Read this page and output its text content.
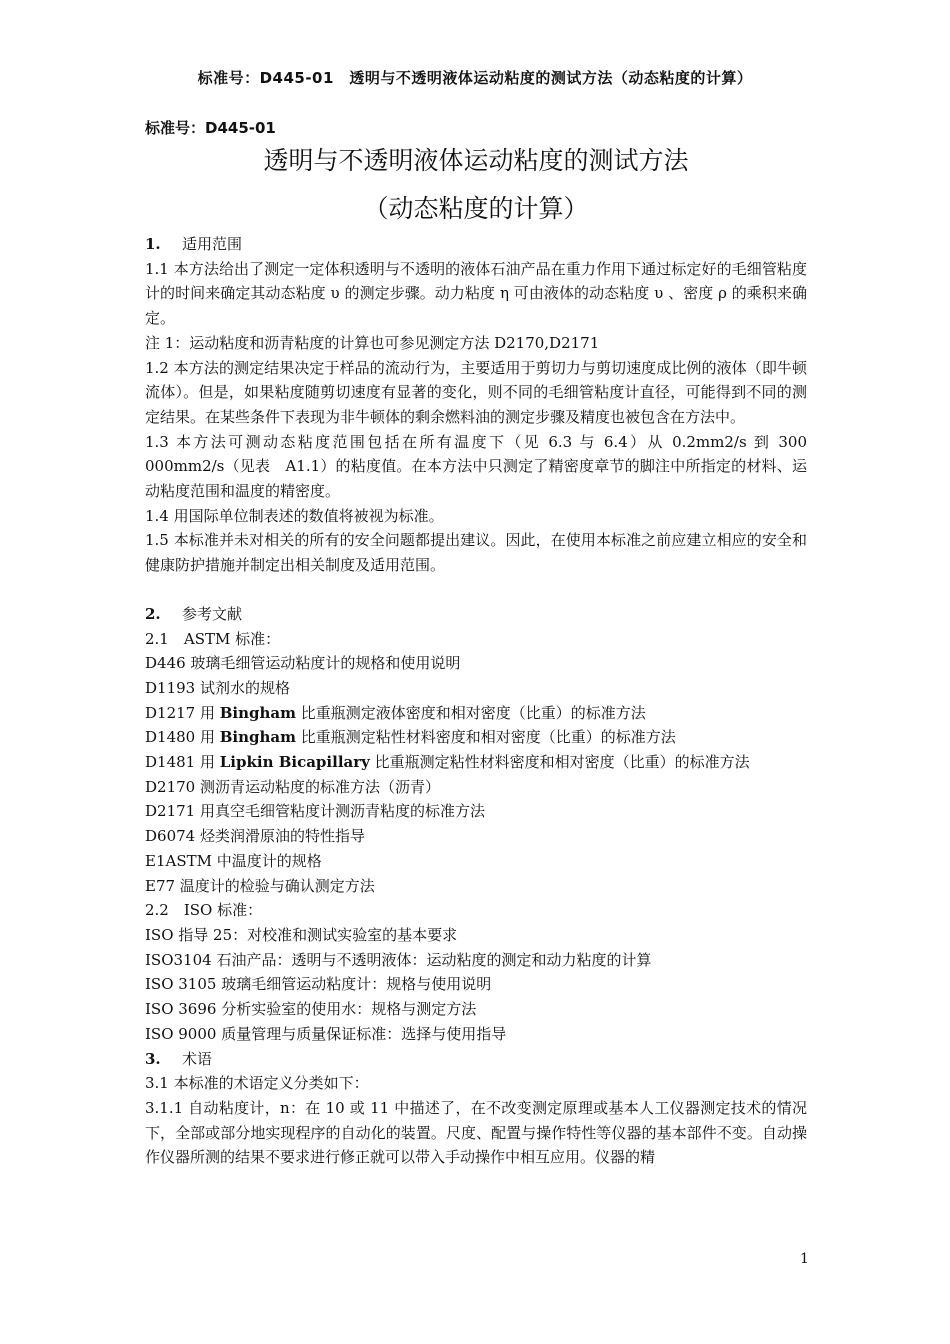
标准号：D445-01　透明与不透明液体运动粘度的测试方法（动态粘度的计算）
标准号：D445-01
透明与不透明液体运动粘度的测试方法
（动态粘度的计算）
1. 适用范围

1.1 本方法给出了测定一定体积透明与不透明的液体石油产品在重力作用下通过标定好的毛细管粘度计的时间来确定其动态粘度 υ 的测定步骤。动力粘度 η 可由液体的动态粘度 υ 、密度 ρ 的乘积来确定。

注 1：运动粘度和沥青粘度的计算也可参见测定方法 D2170,D2171

1.2 本方法的测定结果决定于样品的流动行为，主要适用于剪切力与剪切速度成比例的液体（即牛顿流体）。但是，如果粘度随剪切速度有显著的变化，则不同的毛细管粘度计直径，可能得到不同的测定结果。在某些条件下表现为非牛顿体的剩余燃料油的测定步骤及精度也被包含在方法中。

1.3 本方法可测动态粘度范围包括在所有温度下（见 6.3 与 6.4）从 0.2mm2/s 到 300 000mm2/s（见表　A1.1）的粘度值。在本方法中只测定了精密度章节的脚注中所指定的材料、运动粘度范围和温度的精密度。

1.4 用国际单位制表述的数值将被视为标准。

1.5 本标准并未对相关的所有的安全问题都提出建议。因此，在使用本标准之前应建立相应的安全和健康防护措施并制定出相关制度及适用范围。

2. 参考文献

2.1　ASTM 标准：

D446 玻璃毛细管运动粘度计的规格和使用说明

D1193 试剂水的规格

D1217 用 Bingham 比重瓶测定液体密度和相对密度（比重）的标准方法

D1480 用 Bingham 比重瓶测定粘性材料密度和相对密度（比重）的标准方法

D1481 用 Lipkin Bicapillary 比重瓶测定粘性材料密度和相对密度（比重）的标准方法

D2170 测沥青运动粘度的标准方法（沥青）

D2171 用真空毛细管粘度计测沥青粘度的标准方法

D6074 烃类润滑原油的特性指导

E1ASTM 中温度计的规格

E77 温度计的检验与确认测定方法

2.2　ISO 标准：

ISO 指导 25：对校准和测试实验室的基本要求

ISO3104 石油产品：透明与不透明液体：运动粘度的测定和动力粘度的计算

ISO 3105 玻璃毛细管运动粘度计：规格与使用说明

ISO 3696 分析实验室的使用水：规格与测定方法

ISO 9000 质量管理与质量保证标准：选择与使用指导

3. 术语

3.1 本标准的术语定义分类如下：

3.1.1 自动粘度计，n：在 10 或 11 中描述了，在不改变测定原理或基本人工仪器测定技术的情况下，全部或部分地实现程序的自动化的装置。尺度、配置与操作特性等仪器的基本部件不变。自动操作仪器所测的结果不要求进行修正就可以带入手动操作中相互应用。仪器的精

1
